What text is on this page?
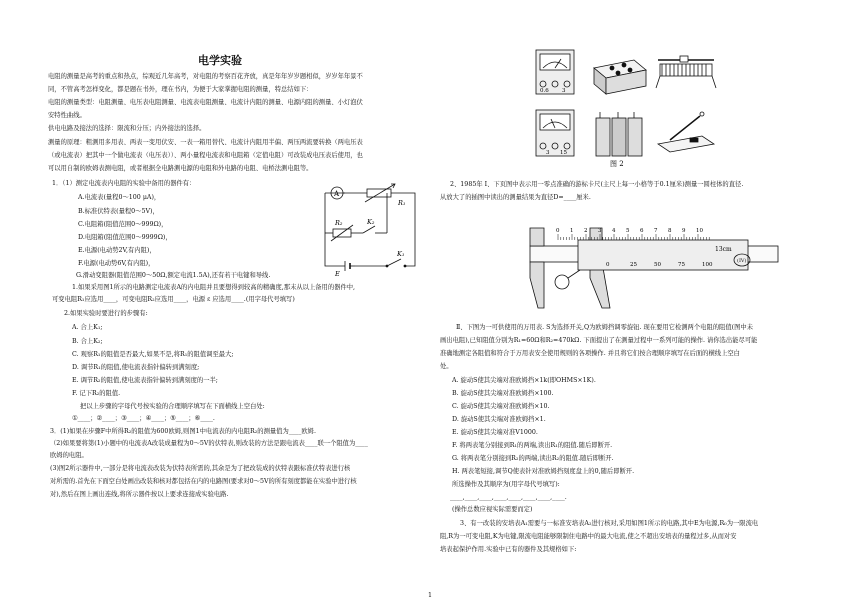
电学实验
电阻的测量是高考的重点和热点，综观近几年高考，对电阻的考察百花齐放，真是年年岁岁题相似，岁岁年年景不
同，不管高考怎样变化，都是题在书外，理在书内，为便于大家掌握电阻的测量，特总结如下：
电阻的测量类型：电阻测量、电压表电阻测量、电流表电阻测量、电流计内阻的测量、电源内阻的测量、小灯泡伏
安特性曲线。
供电电路及接法的选择：限流和分压；内外接法的选择。
测量的原理：粗测用多用表、两表一变用伏安、一表一箱用替代、电流计内阻用半偏、两压两流要转换（两电压表
（或电流表）把其中一个做电流表（电压表））、两小量程电流表和电阻箱（定值电阻）可改装成电压表后使用，也
可以用自制的欧姆表测电阻，或者根据全电路测电源的电阻和外电路的电阻、电桥法测电阻等。
1．（1）测定电流表内电阻的实验中备用的器件有：
A.电流表(量程0～100 μA)，
B.标准伏特表(量程0～5V)，
C.电阻箱(阻值范围0～999Ω)，
D.电阻箱(阻值范围0～9999Ω)，
E.电源(电动势2V,有内阻)，
F.电源(电动势6V,有内阻)，
G.滑动变阻器(阻值范围0～50Ω,额定电流1.5A),还有若干电键和导线.
1.如果采用图1所示的电路测定电流表A的内电阻并且要想得到较高的精确度,那末从以上备用的器件中,
可变电阻R₁应选用____，可变电阻R₂应选用____，电源 ε 应选用____.(用字母代号填写)
2.如果实验时要进行的步骤有:
A. 合上K₁;
B. 合上K₂;
C. 观察R₁的阻值是否最大,如果不是,将R₁的阻值调至最大;
D. 调节R₁的阻值,使电流表指针偏转到满刻度;
E. 调节R₂的阻值,使电流表指针偏转到满刻度的一半;
F. 记下R₂的阻值.
把以上步骤的字母代号按实验的合理顺序填写在下面横线上空白处:
①____；②____；③____；④____；⑤____；⑥____.
3．(1)如果在步骤F中所得R₂的阻值为600欧姆,则图1中电流表的内电阻R₂的测量值为____欧姆.
（2)如果要将第(1)小题中的电流表A改装成量程为0～5V的伏特表,则改装的方法是跟电流表____联一个阻值为____
欧姆的电阻。
(3)图2所示器件中,一部分是将电流表改装为伏特表所需的,其余是为了把改装成的伏特表跟标准伏特表进行核
对所需的.首先在下面空白处画出改装和核对都包括在内的电路图(要求对0～5V的所有刻度都能在实验中进行核
对),然后在图上画出连线,将所示器件按以上要求连接成实验电路.
A
R₁
R₂	K₂
K₁
E
0.6 3
3 15
图 2
2、1985年 Ⅰ、下页图中表示用一零点准确的游标卡尺(主尺上每一小格等于0.1厘米)测量一圆柱体的直径.
从放大了的插图中读出的测量结果为直径D=____厘米.
0 1 2 3 4 5 6 7 8 9 10
13cm
0	25	50	75	100
(IV)
Ⅱ、下图为一可供使用的万用表. S为选择开关,Q为欧姆挡调零旋钮. 现在要用它检测两个电阻的阻值(图中未
画出电阻),已知阻值分别为R₁=60Ω和R₂=470kΩ. 下面提出了在测量过程中一系列可能的操作. 请你选出能尽可能
准确地测定各阻值和符合于万用表安全使用规则的各项操作. 并且将它们按合理顺序填写在后面的横线上空白
处。
A. 旋动S使其尖端对准欧姆挡×1k(即OHMS×1K).
B. 旋动S使其尖端对准欧姆挡×100.
C. 旋动S使其尖端对准欧姆挡×10.
D. 旋动S使其尖端对准欧姆挡×1.
E. 旋动S使其尖端对准V1000.
F. 将两表笔分别接到R₁的两端,读出R₁的阻值.随后即断开.
G. 将两表笔分别接到R₂的两端,读出R₂的阻值.随后即断开.
H. 两表笔短接,调节Q使表针对准欧姆挡刻度盘上的0,随后即断开.
所选操作及其顺序为(用字母代号填写):
____,____,____,____,____,____,____,____.
(操作总数应视实际需要而定)
3、有一改装的安培表A₁需要与一标准安培表A₂进行核对,采用如图1所示的电路,其中E为电源,R₀为一限流电
阻,R为一可变电阻,K为电键,限流电阻能够限制住电路中的最大电流,使之不超出安培表的量程过多,从而对安
培表起保护作用.实验中已有的器件及其规格如下:
1
